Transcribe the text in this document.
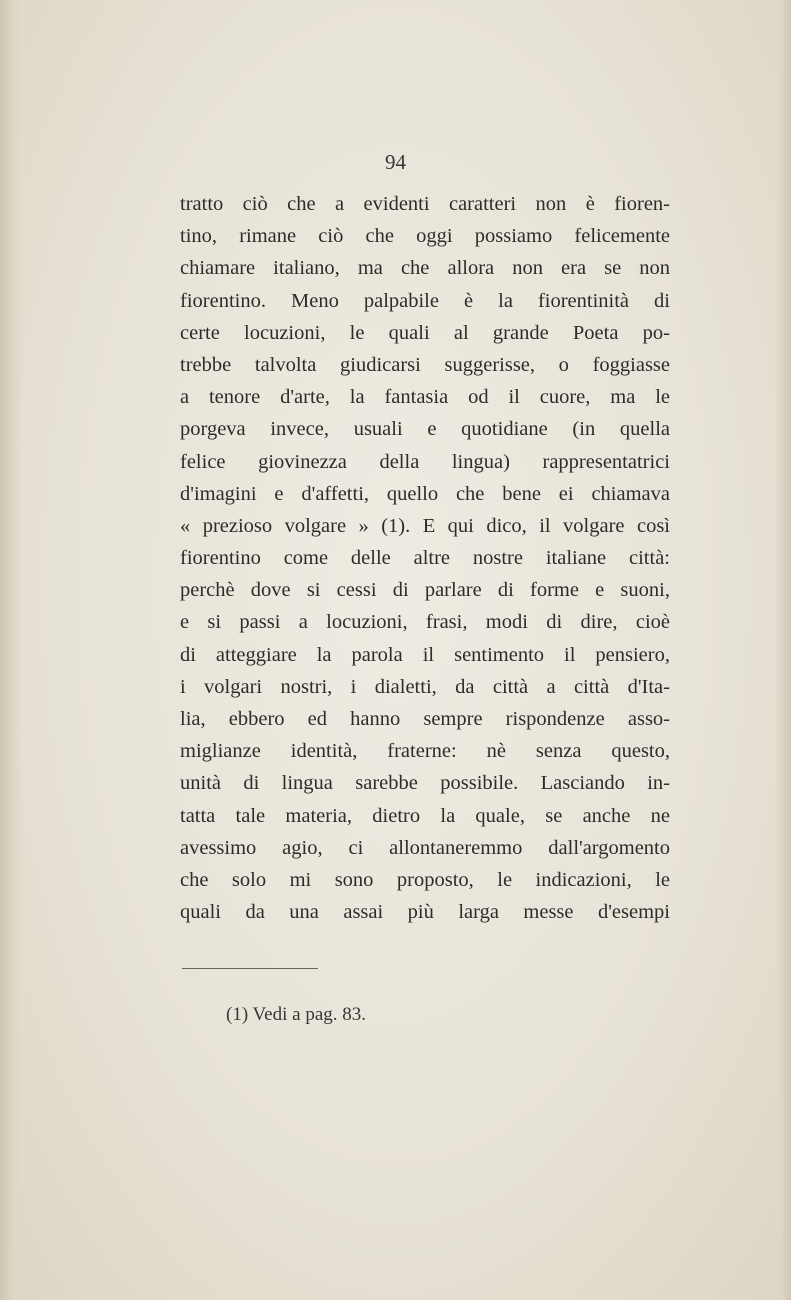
94
tratto ciò che a evidenti caratteri non è fioren-
tino, rimane ciò che oggi possiamo felicemente
chiamare italiano, ma che allora non era se non
fiorentino. Meno palpabile è la fiorentinità di
certe locuzioni, le quali al grande Poeta po-
trebbe talvolta giudicarsi suggerisse, o foggiasse
a tenore d'arte, la fantasia od il cuore, ma le
porgeva invece, usuali e quotidiane (in quella
felice giovinezza della lingua) rappresentatrici
d'imagini e d'affetti, quello che bene ei chiamava
« prezioso volgare » (1). E qui dico, il volgare così
fiorentino come delle altre nostre italiane città:
perchè dove si cessi di parlare di forme e suoni,
e si passi a locuzioni, frasi, modi di dire, cioè
di atteggiare la parola il sentimento il pensiero,
i volgari nostri, i dialetti, da città a città d'Ita-
lia, ebbero ed hanno sempre rispondenze asso-
miglianze identità, fraterne: nè senza questo,
unità di lingua sarebbe possibile. Lasciando in-
tatta tale materia, dietro la quale, se anche ne
avessimo agio, ci allontaneremmo dall'argomento
che solo mi sono proposto, le indicazioni, le
quali da una assai più larga messe d'esempi
(1) Vedi a pag. 83.
